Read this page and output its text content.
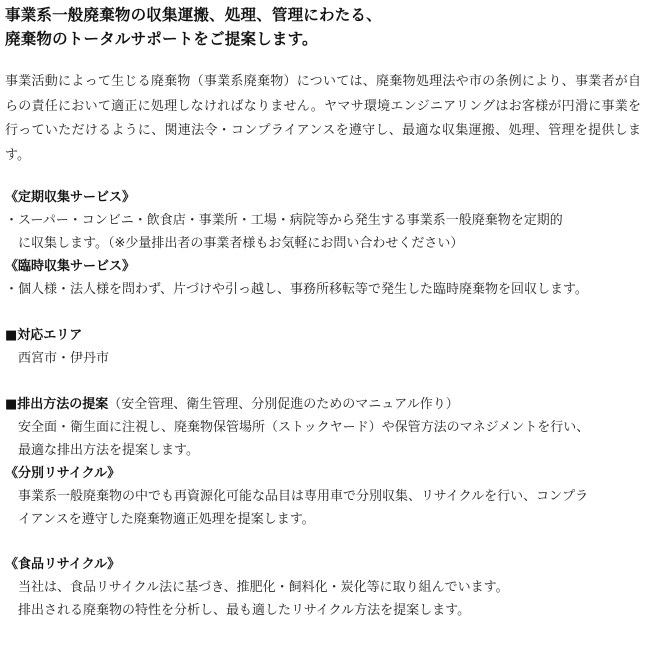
事業系一般廃棄物の収集運搬、処理、管理にわたる、
廃棄物のトータルサポートをご提案します。
事業活動によって生じる廃棄物（事業系廃棄物）については、廃棄物処理法や市の条例により、事業者が自らの責任において適正に処理しなければなりません。ヤマサ環境エンジニアリングはお客様が円滑に事業を行っていただけるように、関連法令・コンプライアンスを遵守し、最適な収集運搬、処理、管理を提供します。
《定期収集サービス》
・スーパー・コンビニ・飲食店・事業所・工場・病院等から発生する事業系一般廃棄物を定期的
に収集します。（※少量排出者の事業者様もお気軽にお問い合わせください）
《臨時収集サービス》
・個人様・法人様を問わず、片づけや引っ越し、事務所移転等で発生した臨時廃棄物を回収します。
■対応エリア
西宮市・伊丹市
■排出方法の提案（安全管理、衛生管理、分別促進のためのマニュアル作り）
安全面・衛生面に注視し、廃棄物保管場所（ストックヤード）や保管方法のマネジメントを行い、
最適な排出方法を提案します。
《分別リサイクル》
事業系一般廃棄物の中でも再資源化可能な品目は専用車で分別収集、リサイクルを行い、コンプラ
イアンスを遵守した廃棄物適正処理を提案します。
《食品リサイクル》
当社は、食品リサイクル法に基づき、推肥化・飼料化・炭化等に取り組んでいます。
排出される廃棄物の特性を分析し、最も適したリサイクル方法を提案します。
